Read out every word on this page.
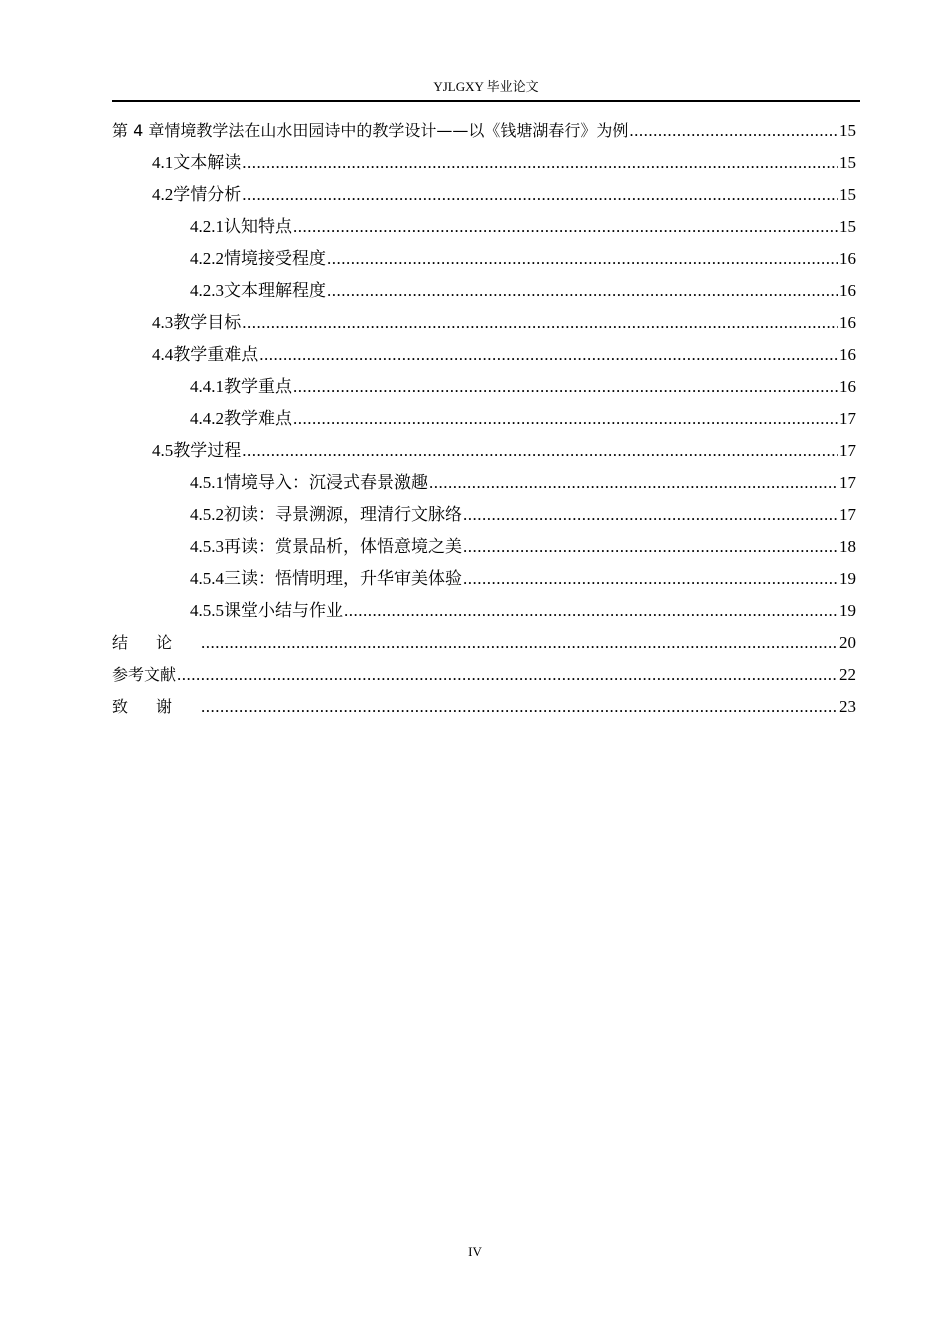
YJLGXY 毕业论文
第 4 章 情境教学法在山水田园诗中的教学设计——以《钱塘湖春行》为例 .....	15
4.1 文本解读 .....	15
4.2 学情分析 .....	15
4.2.1 认知特点 .....	15
4.2.2 情境接受程度 .....	16
4.2.3 文本理解程度 .....	16
4.3 教学目标 .....	16
4.4 教学重难点 .....	16
4.4.1 教学重点 .....	16
4.4.2 教学难点 .....	17
4.5 教学过程 .....	17
4.5.1 情境导入：沉浸式春景激趣 .....	17
4.5.2 初读：寻景溯源，理清行文脉络 .....	17
4.5.3 再读：赏景品析，体悟意境之美 .....	18
4.5.4 三读：悟情明理，升华审美体验 .....	19
4.5.5 课堂小结与作业 .....	19
结论 .....	20
参考文献 .....	22
致谢 .....	23
IV
